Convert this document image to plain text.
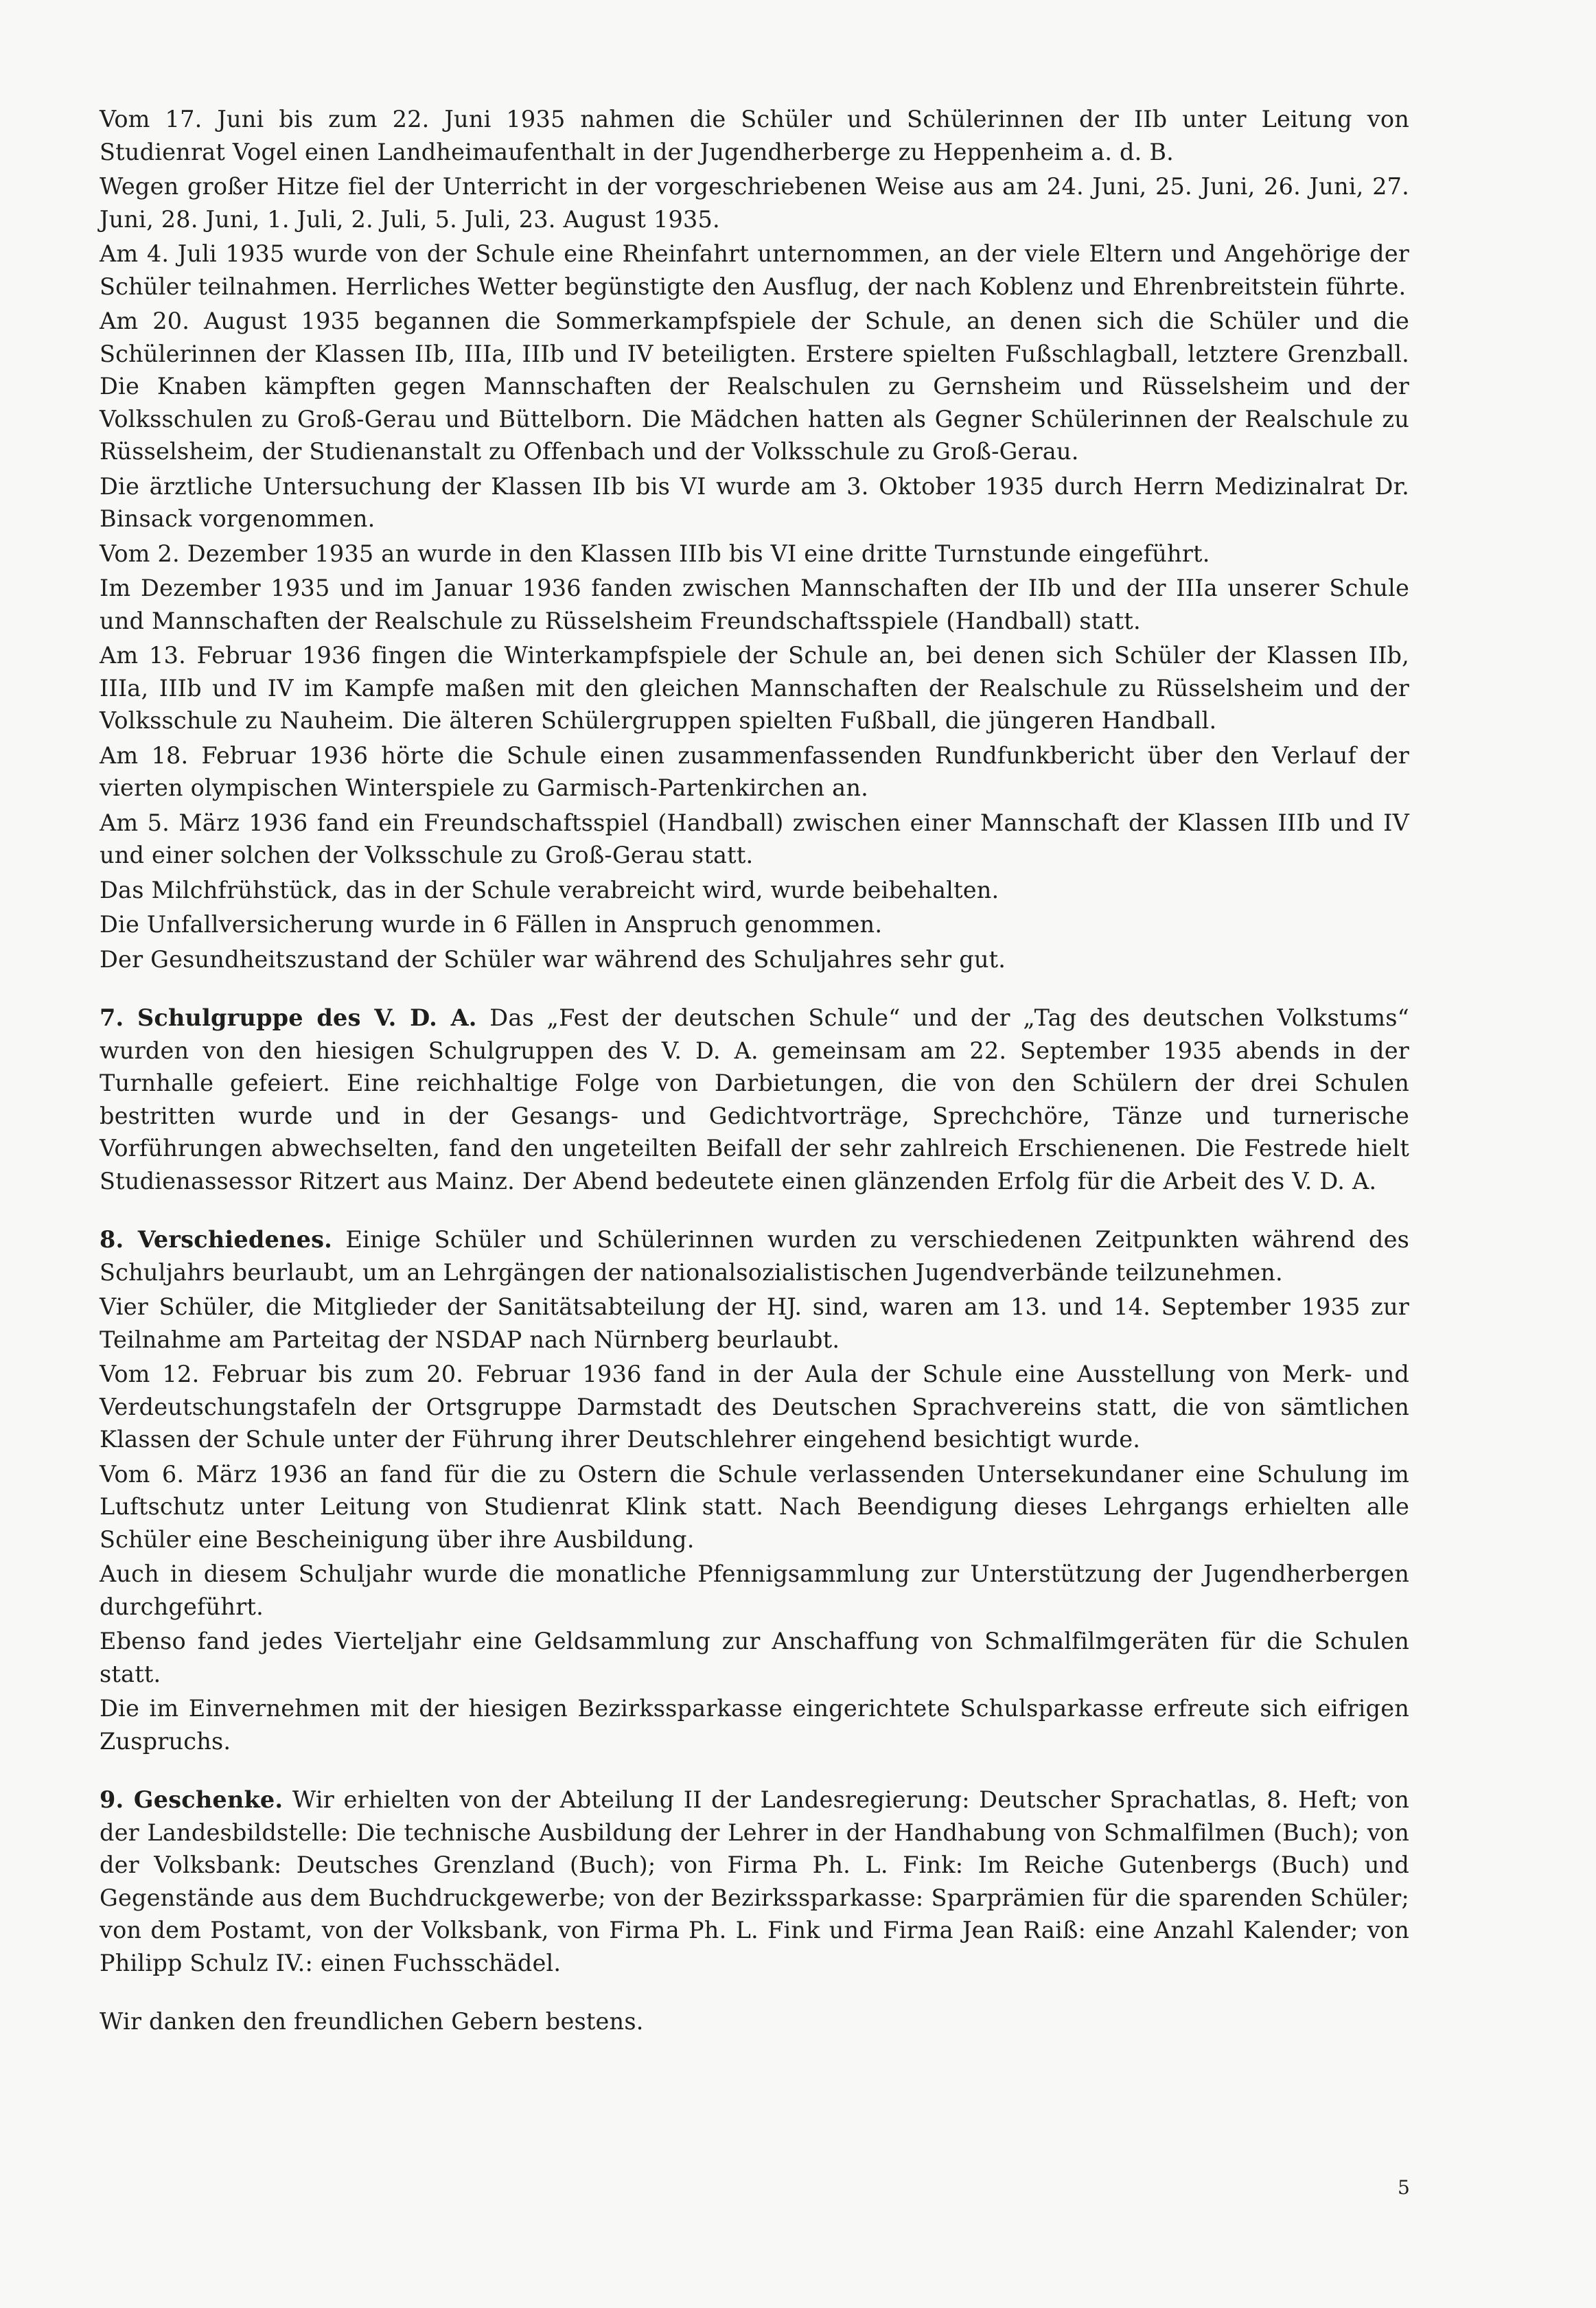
Vom 17. Juni bis zum 22. Juni 1935 nahmen die Schüler und Schülerinnen der IIb unter Leitung von Studienrat Vogel einen Landheimaufenthalt in der Jugendherberge zu Heppenheim a. d. B.

Wegen großer Hitze fiel der Unterricht in der vorgeschriebenen Weise aus am 24. Juni, 25. Juni, 26. Juni, 27. Juni, 28. Juni, 1. Juli, 2. Juli, 5. Juli, 23. August 1935.

Am 4. Juli 1935 wurde von der Schule eine Rheinfahrt unternommen, an der viele Eltern und Angehörige der Schüler teilnahmen. Herrliches Wetter begünstigte den Ausflug, der nach Koblenz und Ehrenbreitstein führte.

Am 20. August 1935 begannen die Sommerkampfspiele der Schule, an denen sich die Schüler und die Schülerinnen der Klassen IIb, IIIa, IIIb und IV beteiligten. Erstere spielten Fußschlagball, letztere Grenzball. Die Knaben kämpften gegen Mannschaften der Realschulen zu Gernsheim und Rüsselsheim und der Volksschulen zu Groß-Gerau und Büttelborn. Die Mädchen hatten als Gegner Schülerinnen der Realschule zu Rüsselsheim, der Studienanstalt zu Offenbach und der Volksschule zu Groß-Gerau.

Die ärztliche Untersuchung der Klassen IIb bis VI wurde am 3. Oktober 1935 durch Herrn Medizinalrat Dr. Binsack vorgenommen.

Vom 2. Dezember 1935 an wurde in den Klassen IIIb bis VI eine dritte Turnstunde eingeführt.

Im Dezember 1935 und im Januar 1936 fanden zwischen Mannschaften der IIb und der IIIa unserer Schule und Mannschaften der Realschule zu Rüsselsheim Freundschaftsspiele (Handball) statt.

Am 13. Februar 1936 fingen die Winterkampfspiele der Schule an, bei denen sich Schüler der Klassen IIb, IIIa, IIIb und IV im Kampfe maßen mit den gleichen Mannschaften der Realschule zu Rüsselsheim und der Volksschule zu Nauheim. Die älteren Schülergruppen spielten Fußball, die jüngeren Handball.

Am 18. Februar 1936 hörte die Schule einen zusammenfassenden Rundfunkbericht über den Verlauf der vierten olympischen Winterspiele zu Garmisch-Partenkirchen an.

Am 5. März 1936 fand ein Freundschaftsspiel (Handball) zwischen einer Mannschaft der Klassen IIIb und IV und einer solchen der Volksschule zu Groß-Gerau statt.

Das Milchfrühstück, das in der Schule verabreicht wird, wurde beibehalten.

Die Unfallversicherung wurde in 6 Fällen in Anspruch genommen.

Der Gesundheitszustand der Schüler war während des Schuljahres sehr gut.

7. Schulgruppe des V. D. A. Das „Fest der deutschen Schule“ und der „Tag des deutschen Volkstums“ wurden von den hiesigen Schulgruppen des V. D. A. gemeinsam am 22. September 1935 abends in der Turnhalle gefeiert. Eine reichhaltige Folge von Darbietungen, die von den Schülern der drei Schulen bestritten wurde und in der Gesangs- und Gedichtvorträge, Sprechchöre, Tänze und turnerische Vorführungen abwechselten, fand den ungeteilten Beifall der sehr zahlreich Erschienenen. Die Festrede hielt Studienassessor Ritzert aus Mainz. Der Abend bedeutete einen glänzenden Erfolg für die Arbeit des V. D. A.

8. Verschiedenes. Einige Schüler und Schülerinnen wurden zu verschiedenen Zeitpunkten während des Schuljahrs beurlaubt, um an Lehrgängen der nationalsozialistischen Jugendverbände teilzunehmen.

Vier Schüler, die Mitglieder der Sanitätsabteilung der HJ. sind, waren am 13. und 14. September 1935 zur Teilnahme am Parteitag der NSDAP nach Nürnberg beurlaubt.

Vom 12. Februar bis zum 20. Februar 1936 fand in der Aula der Schule eine Ausstellung von Merk- und Verdeutschungstafeln der Ortsgruppe Darmstadt des Deutschen Sprachvereins statt, die von sämtlichen Klassen der Schule unter der Führung ihrer Deutschlehrer eingehend besichtigt wurde.

Vom 6. März 1936 an fand für die zu Ostern die Schule verlassenden Untersekundaner eine Schulung im Luftschutz unter Leitung von Studienrat Klink statt. Nach Beendigung dieses Lehrgangs erhielten alle Schüler eine Bescheinigung über ihre Ausbildung.

Auch in diesem Schuljahr wurde die monatliche Pfennigsammlung zur Unterstützung der Jugendherbergen durchgeführt.

Ebenso fand jedes Vierteljahr eine Geldsammlung zur Anschaffung von Schmalfilmgeräten für die Schulen statt.

Die im Einvernehmen mit der hiesigen Bezirkssparkasse eingerichtete Schulsparkasse erfreute sich eifrigen Zuspruchs.

9. Geschenke. Wir erhielten von der Abteilung II der Landesregierung: Deutscher Sprachatlas, 8. Heft; von der Landesbildstelle: Die technische Ausbildung der Lehrer in der Handhabung von Schmalfilmen (Buch); von der Volksbank: Deutsches Grenzland (Buch); von Firma Ph. L. Fink: Im Reiche Gutenbergs (Buch) und Gegenstände aus dem Buchdruckgewerbe; von der Bezirkssparkasse: Sparprämien für die sparenden Schüler; von dem Postamt, von der Volksbank, von Firma Ph. L. Fink und Firma Jean Raiß: eine Anzahl Kalender; von Philipp Schulz IV.: einen Fuchsschädel.

Wir danken den freundlichen Gebern bestens.

5
